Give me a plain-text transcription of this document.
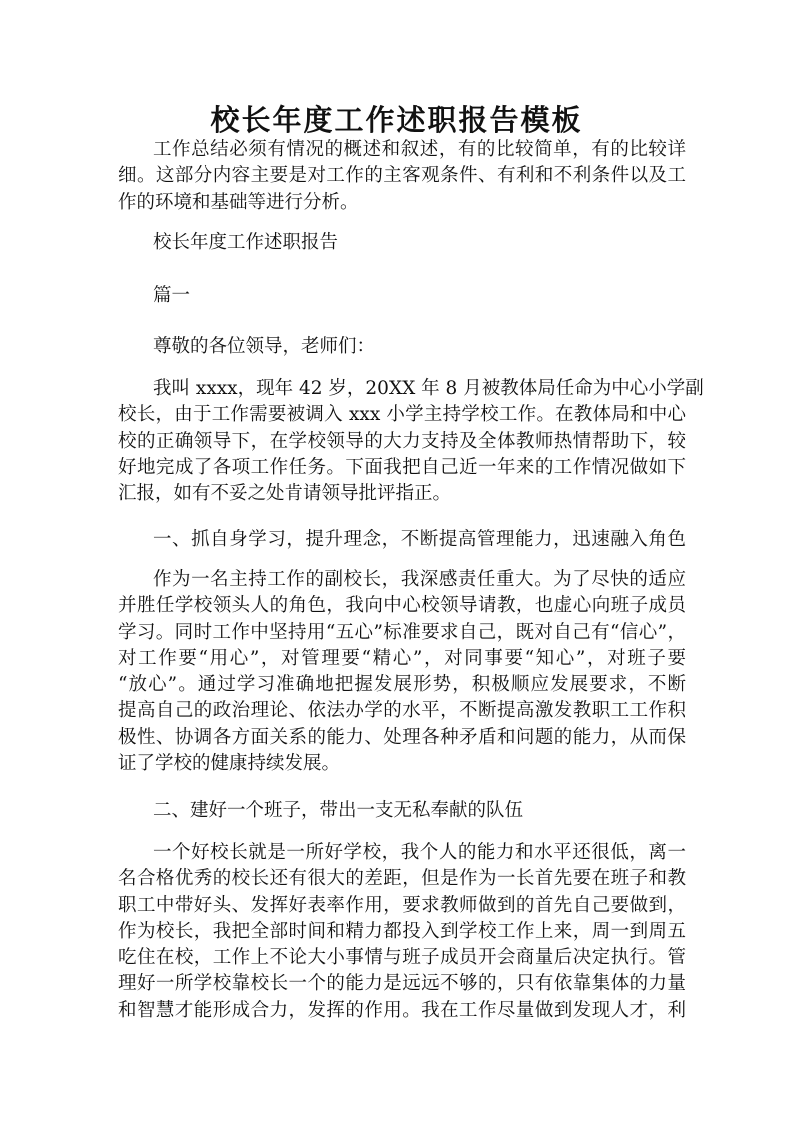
校长年度工作述职报告模板
工作总结必须有情况的概述和叙述，有的比较简单，有的比较详
细。这部分内容主要是对工作的主客观条件、有利和不利条件以及工
作的环境和基础等进行分析。
校长年度工作述职报告
篇一
尊敬的各位领导，老师们：
我叫 xxxx，现年 42 岁，20XX 年 8 月被教体局任命为中心小学副
校长，由于工作需要被调入 xxx 小学主持学校工作。在教体局和中心
校的正确领导下，在学校领导的大力支持及全体教师热情帮助下，较
好地完成了各项工作任务。下面我把自己近一年来的工作情况做如下
汇报，如有不妥之处肯请领导批评指正。
一、抓自身学习，提升理念，不断提高管理能力，迅速融入角色
作为一名主持工作的副校长，我深感责任重大。为了尽快的适应
并胜任学校领头人的角色，我向中心校领导请教，也虚心向班子成员
学习。同时工作中坚持用“五心”标准要求自己，既对自己有“信心”，
对工作要“用心”，对管理要“精心”，对同事要“知心”，对班子要
“放心”。通过学习准确地把握发展形势，积极顺应发展要求，不断
提高自己的政治理论、依法办学的水平，不断提高激发教职工工作积
极性、协调各方面关系的能力、处理各种矛盾和问题的能力，从而保
证了学校的健康持续发展。
二、建好一个班子，带出一支无私奉献的队伍
一个好校长就是一所好学校，我个人的能力和水平还很低，离一
名合格优秀的校长还有很大的差距，但是作为一长首先要在班子和教
职工中带好头、发挥好表率作用，要求教师做到的首先自己要做到，
作为校长，我把全部时间和精力都投入到学校工作上来，周一到周五
吃住在校，工作上不论大小事情与班子成员开会商量后决定执行。管
理好一所学校靠校长一个的能力是远远不够的，只有依靠集体的力量
和智慧才能形成合力，发挥的作用。我在工作尽量做到发现人才，利
